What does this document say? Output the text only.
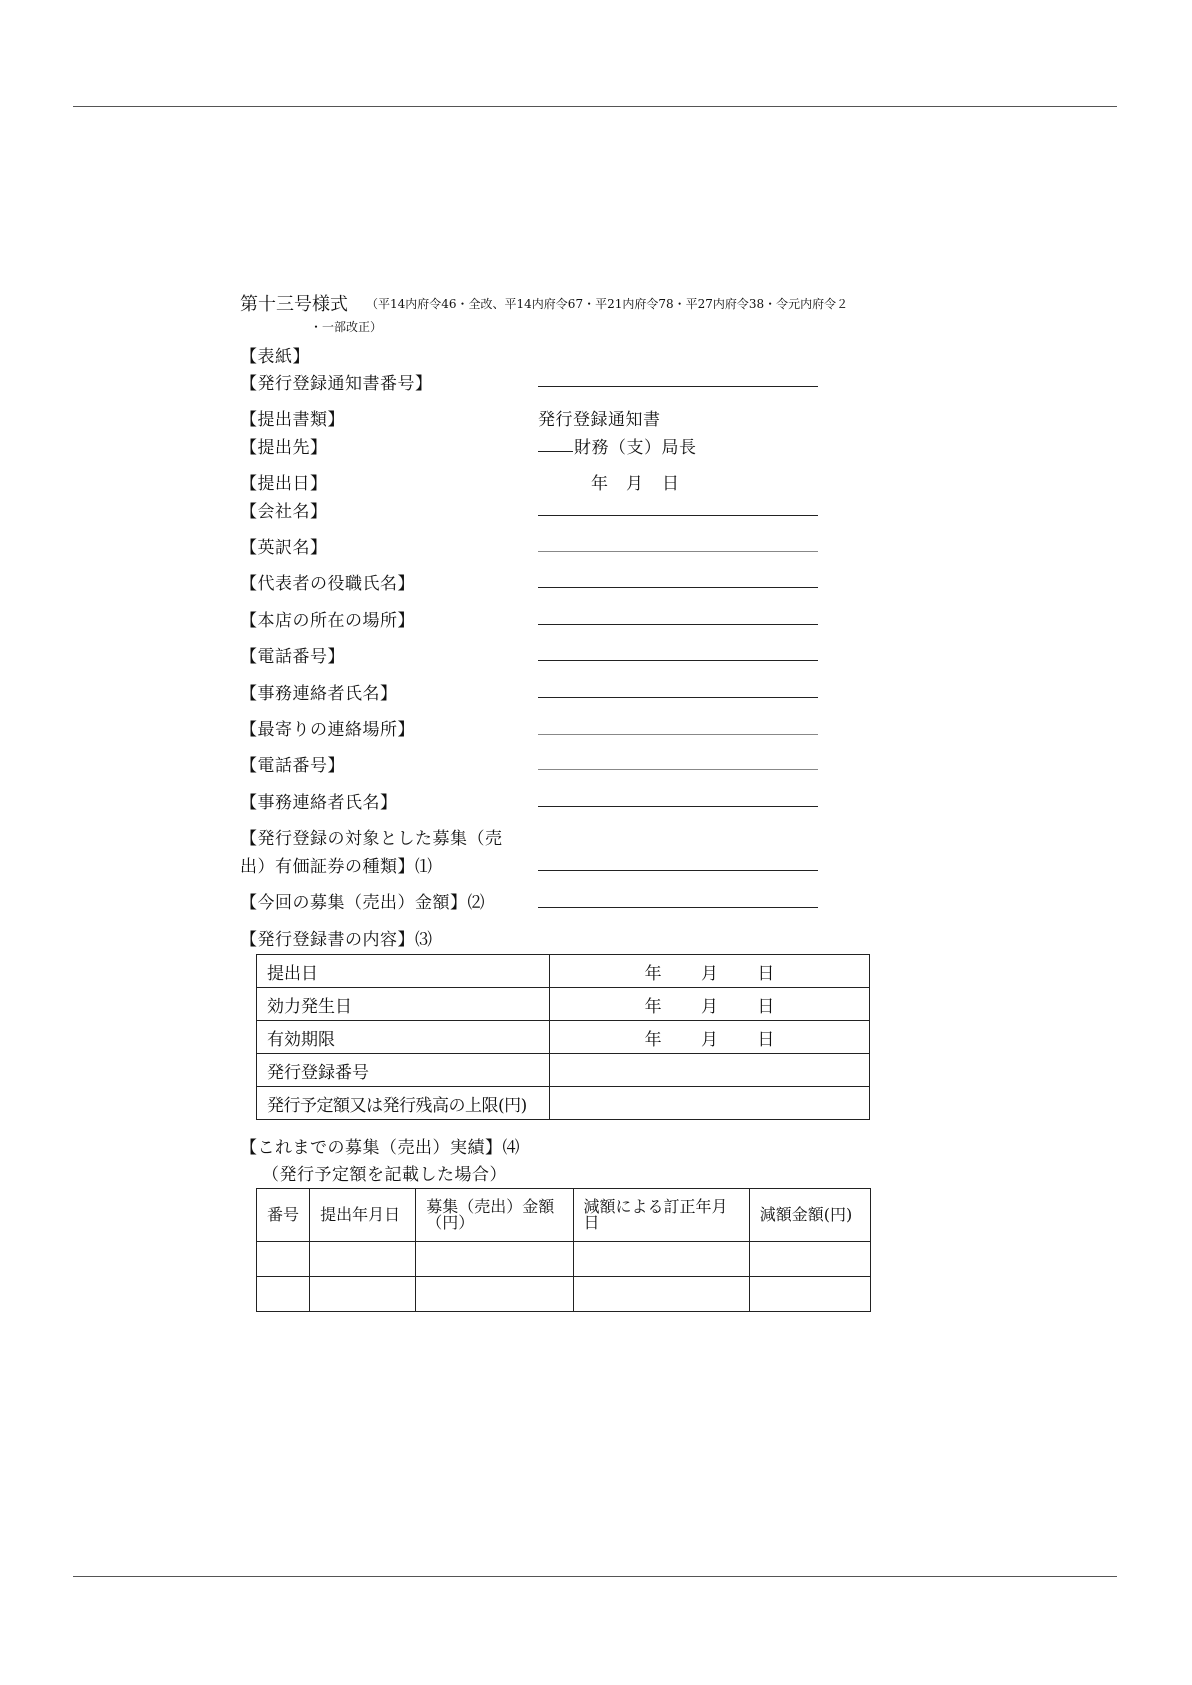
第十三号様式 （平14内府令46・全改、平14内府令67・平21内府令78・平27内府令38・令元内府令２
・一部改正）
【表紙】
【発行登録通知書番号】
【提出書類】	発行登録通知書
【提出先】	財務（支）局長
【提出日】	年 月 日
【会社名】
【英訳名】
【代表者の役職氏名】
【本店の所在の場所】
【電話番号】
【事務連絡者氏名】
【最寄りの連絡場所】
【電話番号】
【事務連絡者氏名】
【発行登録の対象とした募集（売
出）有価証券の種類】⑴
【今回の募集（売出）金額】⑵
【発行登録書の内容】⑶
提出日	年 月 日
効力発生日	年 月 日
有効期限	年 月 日
発行登録番号	
発行予定額又は発行残高の上限(円)	
【これまでの募集（売出）実績】⑷
（発行予定額を記載した場合）
番号	提出年月日	募集（売出）金額（円）	減額による訂正年月日	減額金額(円)
